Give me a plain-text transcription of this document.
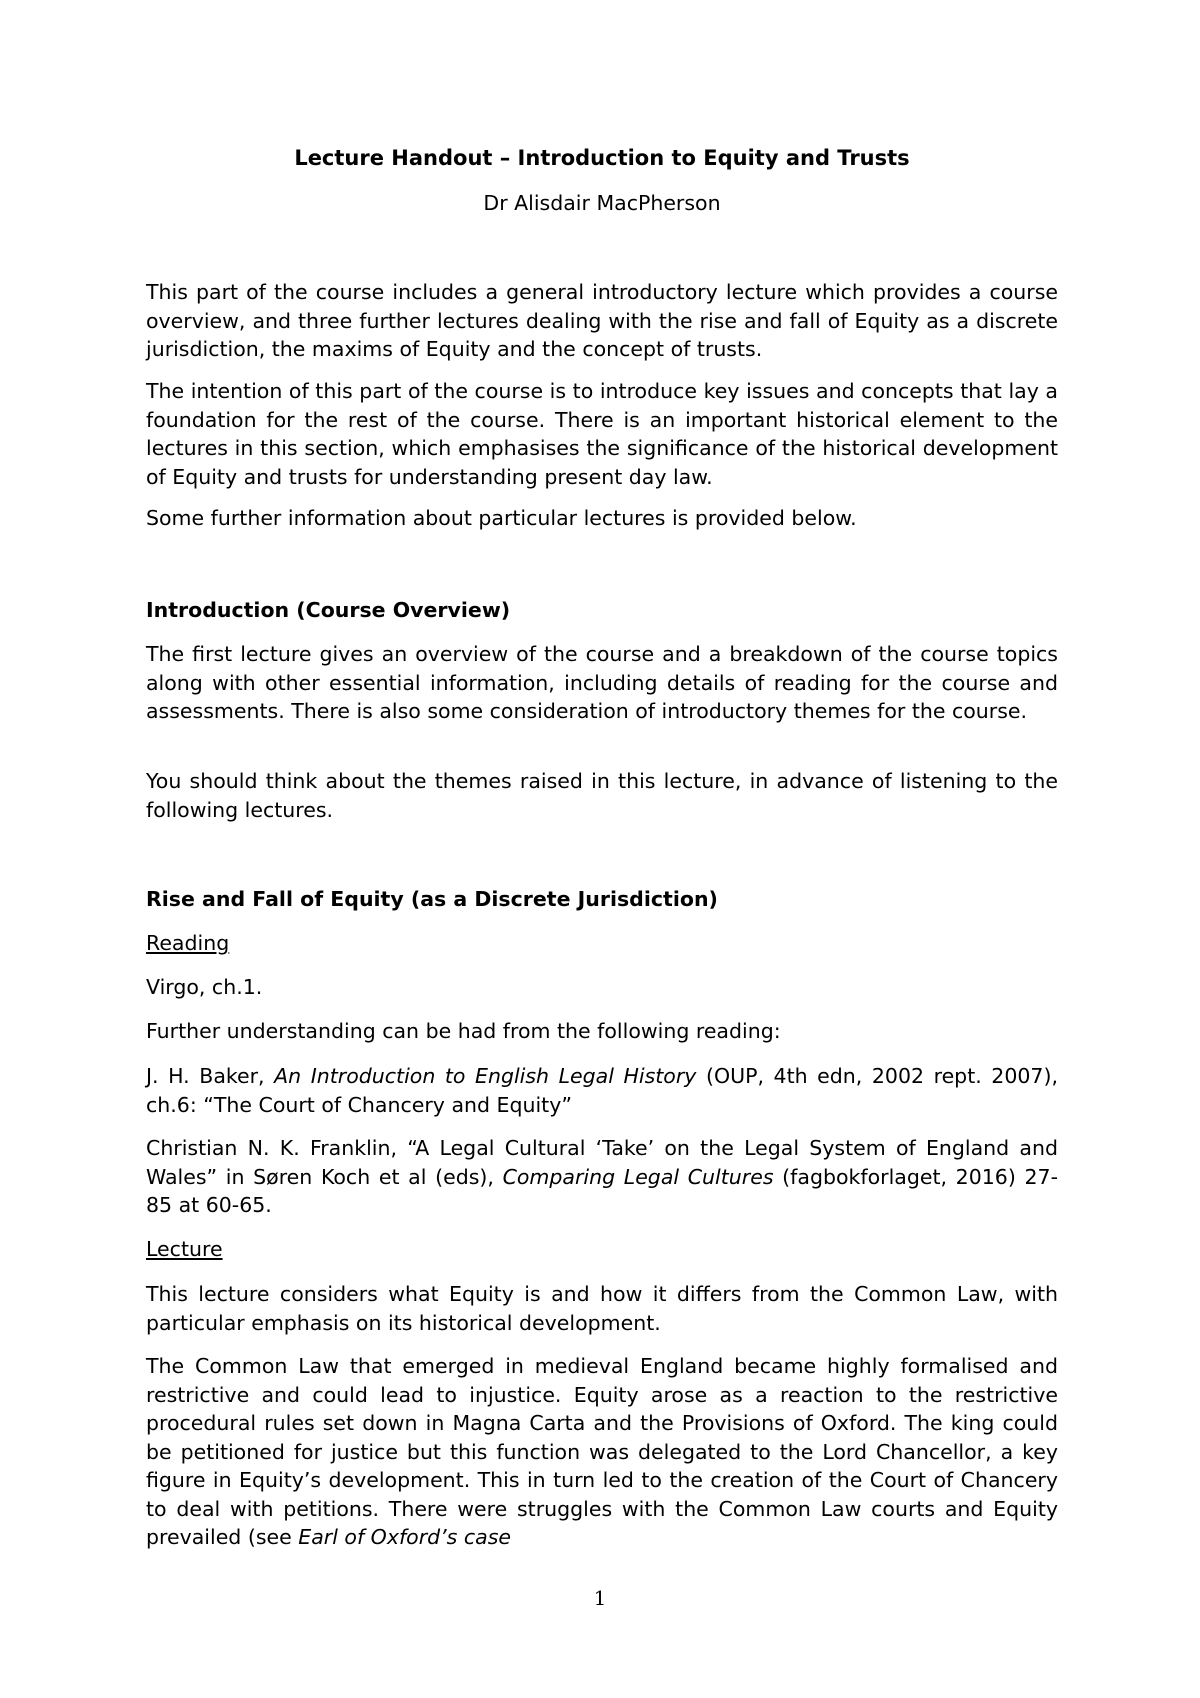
Lecture Handout – Introduction to Equity and Trusts

Dr Alisdair MacPherson

This part of the course includes a general introductory lecture which provides a course overview, and three further lectures dealing with the rise and fall of Equity as a discrete jurisdiction, the maxims of Equity and the concept of trusts.

The intention of this part of the course is to introduce key issues and concepts that lay a foundation for the rest of the course. There is an important historical element to the lectures in this section, which emphasises the significance of the historical development of Equity and trusts for understanding present day law.

Some further information about particular lectures is provided below.

Introduction (Course Overview)

The first lecture gives an overview of the course and a breakdown of the course topics along with other essential information, including details of reading for the course and assessments. There is also some consideration of introductory themes for the course.

You should think about the themes raised in this lecture, in advance of listening to the following lectures.

Rise and Fall of Equity (as a Discrete Jurisdiction)

Reading

Virgo, ch.1.

Further understanding can be had from the following reading:

J. H. Baker, An Introduction to English Legal History (OUP, 4th edn, 2002 rept. 2007), ch.6: “The Court of Chancery and Equity”

Christian N. K. Franklin, “A Legal Cultural ‘Take’ on the Legal System of England and Wales” in Søren Koch et al (eds), Comparing Legal Cultures (fagbokforlaget, 2016) 27-85 at 60-65.

Lecture

This lecture considers what Equity is and how it differs from the Common Law, with particular emphasis on its historical development.

The Common Law that emerged in medieval England became highly formalised and restrictive and could lead to injustice. Equity arose as a reaction to the restrictive procedural rules set down in Magna Carta and the Provisions of Oxford. The king could be petitioned for justice but this function was delegated to the Lord Chancellor, a key figure in Equity’s development. This in turn led to the creation of the Court of Chancery to deal with petitions. There were struggles with the Common Law courts and Equity prevailed (see Earl of Oxford’s case

1
